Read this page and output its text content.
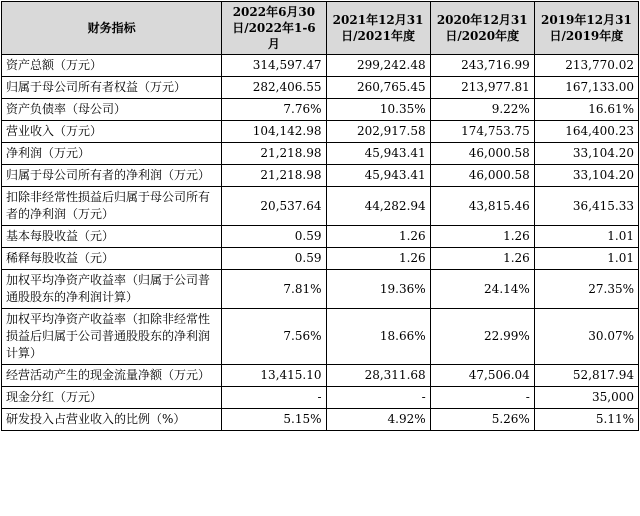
财务指标	2022年6月30日/2022年1-6月	2021年12月31日/2021年度	2020年12月31日/2020年度	2019年12月31日/2019年度
资产总额（万元）	314,597.47	299,242.48	243,716.99	213,770.02
归属于母公司所有者权益（万元）	282,406.55	260,765.45	213,977.81	167,133.00
资产负债率（母公司）	7.76%	10.35%	9.22%	16.61%
营业收入（万元）	104,142.98	202,917.58	174,753.75	164,400.23
净利润（万元）	21,218.98	45,943.41	46,000.58	33,104.20
归属于母公司所有者的净利润（万元）	21,218.98	45,943.41	46,000.58	33,104.20
扣除非经常性损益后归属于母公司所有者的净利润（万元）	20,537.64	44,282.94	43,815.46	36,415.33
基本每股收益（元）	0.59	1.26	1.26	1.01
稀释每股收益（元）	0.59	1.26	1.26	1.01
加权平均净资产收益率（归属于公司普通股股东的净利润计算）	7.81%	19.36%	24.14%	27.35%
加权平均净资产收益率（扣除非经常性损益后归属于公司普通股股东的净利润计算）	7.56%	18.66%	22.99%	30.07%
经营活动产生的现金流量净额（万元）	13,415.10	28,311.68	47,506.04	52,817.94
现金分红（万元）	-	-	-	35,000
研发投入占营业收入的比例（%）	5.15%	4.92%	5.26%	5.11%
